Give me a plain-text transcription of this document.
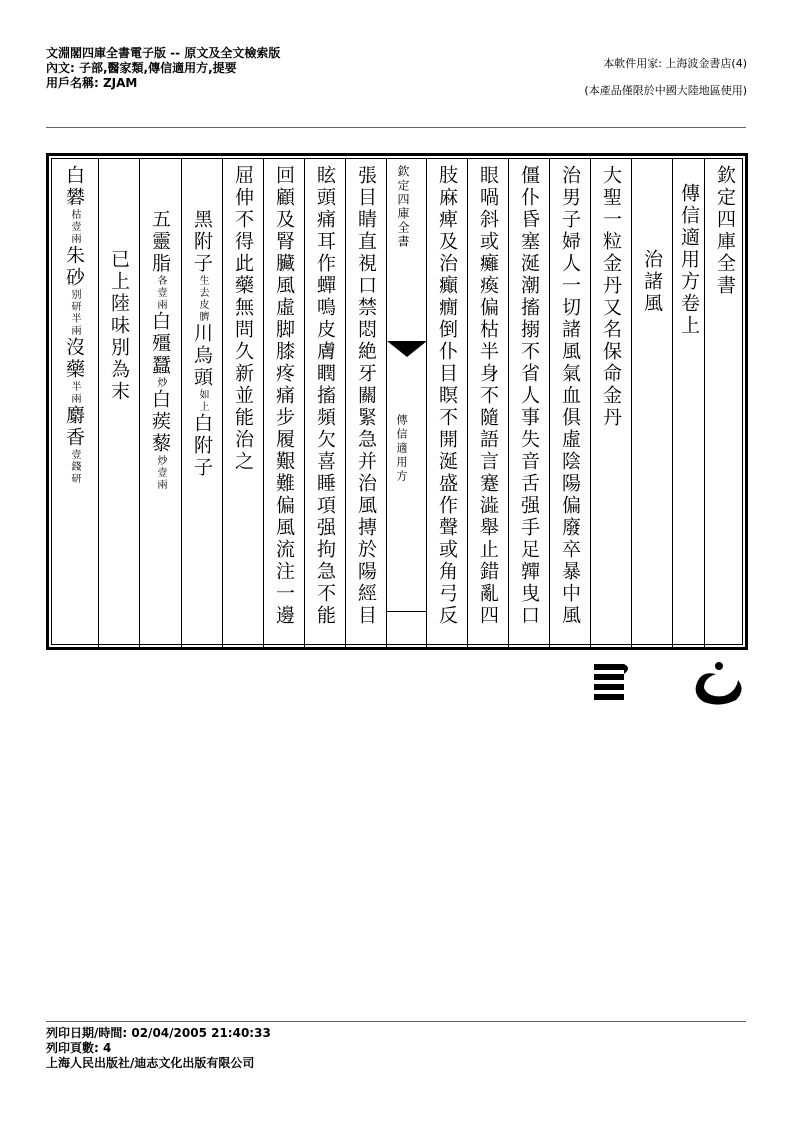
文淵閣四庫全書電子版 -- 原文及全文檢索版
內文: 子部,醫家類,傳信適用方,提要
用戶名稱: ZJAM
本軟件用家: 上海波金書店(4)
(本產品僅限於中國大陸地區使用)
白礬枯壹兩朱砂别研半兩沒藥半兩麝香壹錢研
已上陸味別為末
五靈脂各壹兩白殭蠶炒白蒺藜炒壹兩
黑附子生去皮臍川烏頭如上白附子 屈伸不得此藥無問久新並能治之 回顧及腎臟風虛脚膝疼痛步履艱難偏風流注一邊 眩頭痛耳作蟬鳴皮膚瞤搐頻欠喜睡項强拘急不能 張目睛直視口禁悶絶牙關緊急并治風摶於陽經目 欽定四庫全書
傳信適用方 肢麻痺及治癲癇倒仆目瞑不開涎盛作聲或角弓反 眼喎斜或癱瘓偏枯半身不隨語言蹇澁舉止錯亂四 僵仆昏塞涎潮搐搦不省人事失音舌强手足嚲曳口 治男子婦人一切諸風氣血俱虛陰陽偏廢卒暴中風 大聖一粒金丹又名保命金丹 治諸風 傳信適用方卷上 欽定四庫全書
列印日期/時間: 02/04/2005 21:40:33
列印頁數: 4
上海人民出版社/迪志文化出版有限公司
